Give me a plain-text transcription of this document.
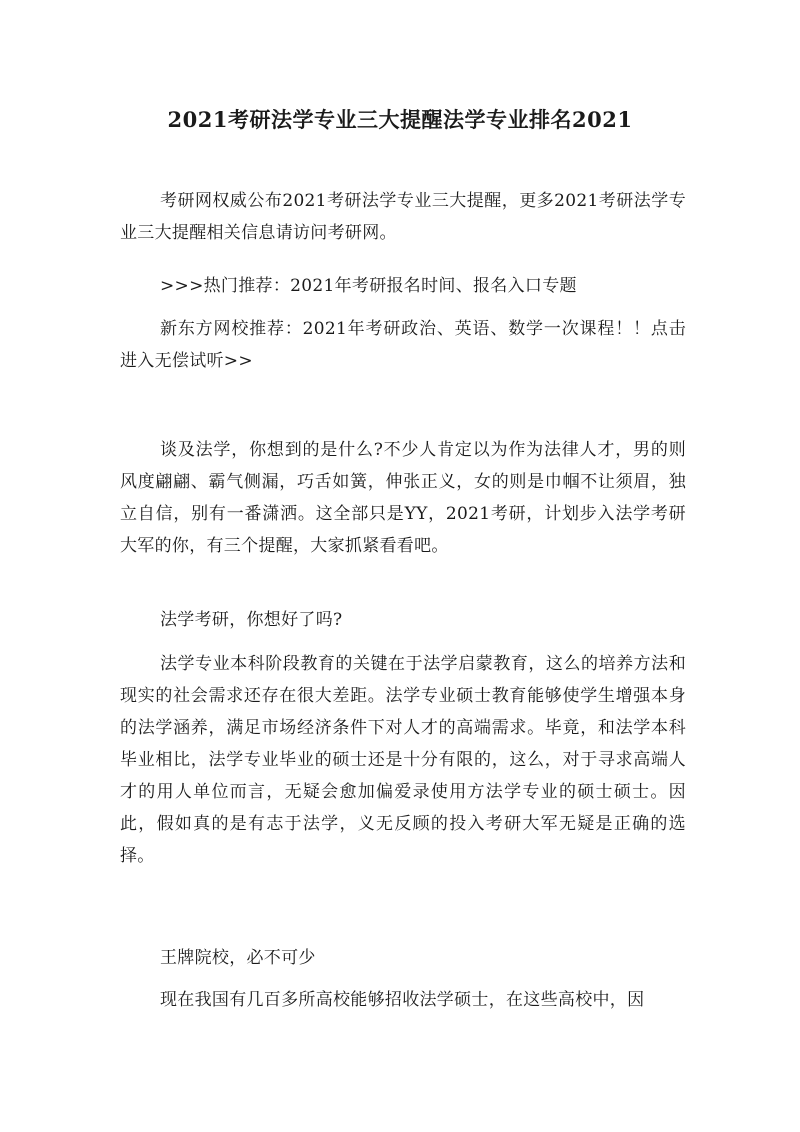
2021考研法学专业三大提醒法学专业排名2021

考研网权威公布2021考研法学专业三大提醒，更多2021考研法学专业三大提醒相关信息请访问考研网。

>>>热门推荐：2021年考研报名时间、报名入口专题

新东方网校推荐：2021年考研政治、英语、数学一次课程！！点击进入无偿试听>>

谈及法学，你想到的是什么?不少人肯定以为作为法律人才，男的则风度翩翩、霸气侧漏，巧舌如簧，伸张正义，女的则是巾帼不让须眉，独立自信，别有一番潇洒。这全部只是YY，2021考研，计划步入法学考研大军的你，有三个提醒，大家抓紧看看吧。

法学考研，你想好了吗?

法学专业本科阶段教育的关键在于法学启蒙教育，这么的培养方法和现实的社会需求还存在很大差距。法学专业硕士教育能够使学生增强本身的法学涵养，满足市场经济条件下对人才的高端需求。毕竟，和法学本科毕业相比，法学专业毕业的硕士还是十分有限的，这么，对于寻求高端人才的用人单位而言，无疑会愈加偏爱录使用方法学专业的硕士硕士。因此，假如真的是有志于法学，义无反顾的投入考研大军无疑是正确的选择。

王牌院校，必不可少

现在我国有几百多所高校能够招收法学硕士，在这些高校中，因
